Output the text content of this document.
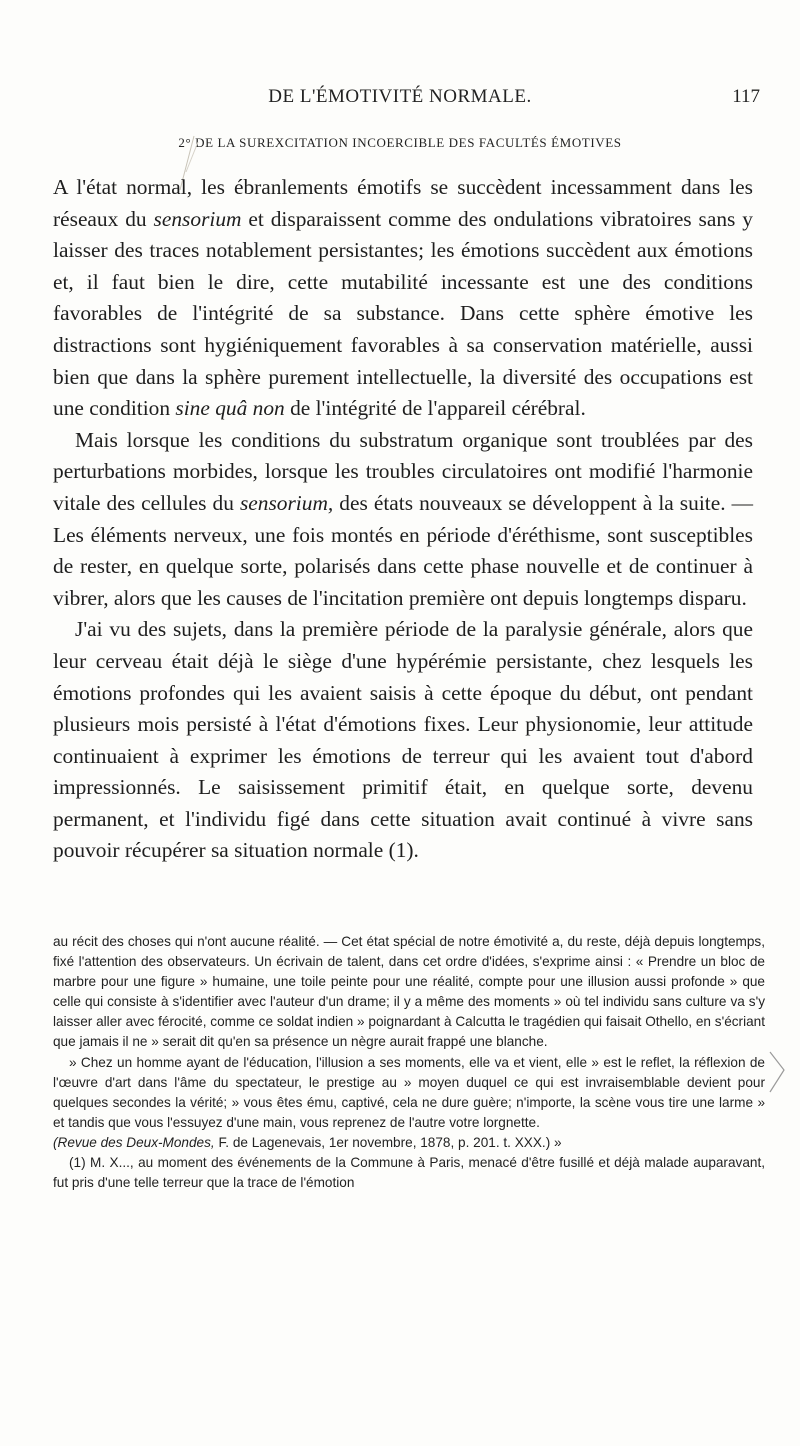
DE L'ÉMOTIVITÉ NORMALE.	117
2° DE LA SUREXCITATION INCOERCIBLE DES FACULTÉS ÉMOTIVES

A l'état normal, les ébranlements émotifs se succèdent incessamment dans les réseaux du sensorium et disparaissent comme des ondulations vibratoires sans y laisser des traces notablement persistantes; les émotions succèdent aux émotions et, il faut bien le dire, cette mutabilité incessante est une des conditions favorables de l'intégrité de sa substance. Dans cette sphère émotive les distractions sont hygiéniquement favorables à sa conservation matérielle, aussi bien que dans la sphère purement intellectuelle, la diversité des occupations est une condition sine quâ non de l'intégrité de l'appareil cérébral.

Mais lorsque les conditions du substratum organique sont troublées par des perturbations morbides, lorsque les troubles circulatoires ont modifié l'harmonie vitale des cellules du sensorium, des états nouveaux se développent à la suite. — Les éléments nerveux, une fois montés en période d'éréthisme, sont susceptibles de rester, en quelque sorte, polarisés dans cette phase nouvelle et de continuer à vibrer, alors que les causes de l'incitation première ont depuis longtemps disparu.

J'ai vu des sujets, dans la première période de la paralysie générale, alors que leur cerveau était déjà le siège d'une hypérémie persistante, chez lesquels les émotions profondes qui les avaient saisis à cette époque du début, ont pendant plusieurs mois persisté à l'état d'émotions fixes. Leur physionomie, leur attitude continuaient à exprimer les émotions de terreur qui les avaient tout d'abord impressionnés. Le saisissement primitif était, en quelque sorte, devenu permanent, et l'individu figé dans cette situation avait continué à vivre sans pouvoir récupérer sa situation normale (1).

au récit des choses qui n'ont aucune réalité. — Cet état spécial de notre émotivité a, du reste, déjà depuis longtemps, fixé l'attention des observateurs. Un écrivain de talent, dans cet ordre d'idées, s'exprime ainsi : « Prendre un bloc de marbre pour une figure » humaine, une toile peinte pour une réalité, compte pour une illusion aussi profonde » que celle qui consiste à s'identifier avec l'auteur d'un drame; il y a même des moments » où tel individu sans culture va s'y laisser aller avec férocité, comme ce soldat indien » poignardant à Calcutta le tragédien qui faisait Othello, en s'écriant que jamais il ne » serait dit qu'en sa présence un nègre aurait frappé une blanche.

» Chez un homme ayant de l'éducation, l'illusion a ses moments, elle va et vient, elle » est le reflet, la réflexion de l'œuvre d'art dans l'âme du spectateur, le prestige au » moyen duquel ce qui est invraisemblable devient pour quelques secondes la vérité; » vous êtes ému, captivé, cela ne dure guère; n'importe, la scène vous tire une larme » et tandis que vous l'essuyez d'une main, vous reprenez de l'autre votre lorgnette.

(Revue des Deux-Mondes, F. de Lagenevais, 1er novembre, 1878, p. 201. t. XXX.) »

(1) M. X..., au moment des événements de la Commune à Paris, menacé d'être fusillé et déjà malade auparavant, fut pris d'une telle terreur que la trace de l'émotion
